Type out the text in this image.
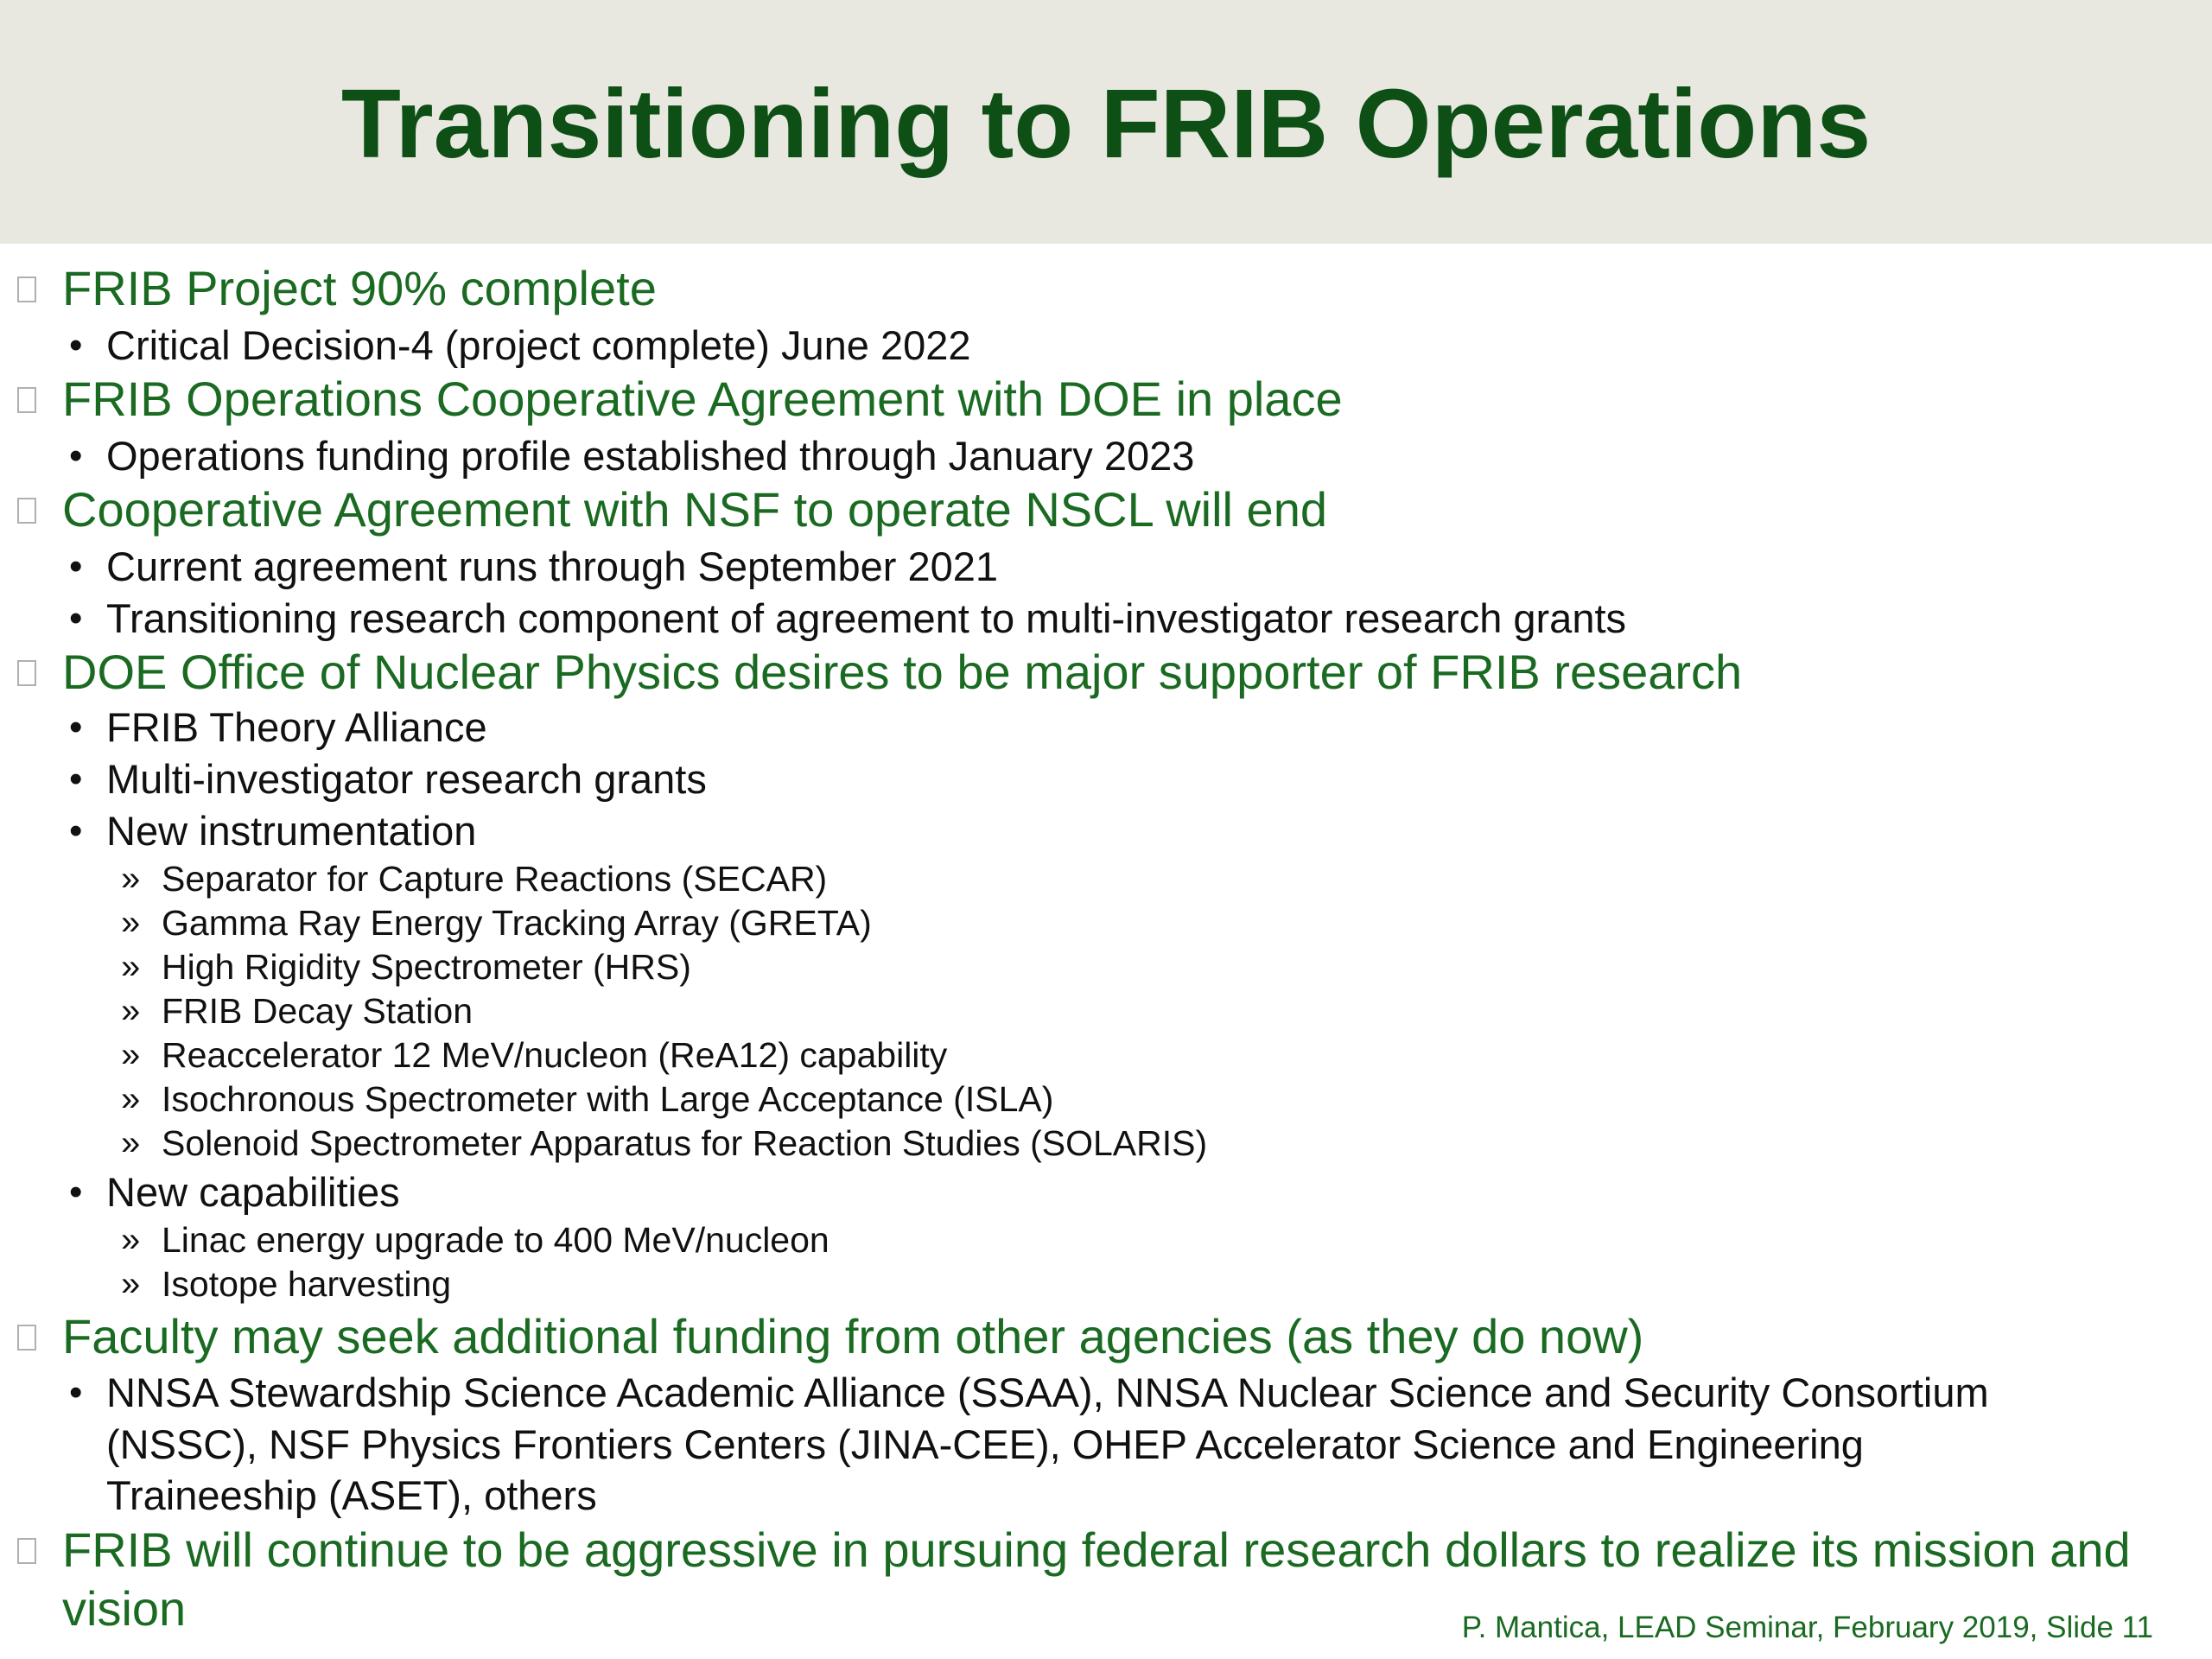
Transitioning to FRIB Operations
FRIB Project 90% complete
• Critical Decision-4 (project complete) June 2022
FRIB Operations Cooperative Agreement with DOE in place
• Operations funding profile established through January 2023
Cooperative Agreement with NSF to operate NSCL will end
• Current agreement runs through September 2021
• Transitioning research component of agreement to multi-investigator research grants
DOE Office of Nuclear Physics desires to be major supporter of FRIB research
• FRIB Theory Alliance
• Multi-investigator research grants
• New instrumentation
» Separator for Capture Reactions (SECAR)
» Gamma Ray Energy Tracking Array (GRETA)
» High Rigidity Spectrometer (HRS)
» FRIB Decay Station
» Reaccelerator 12 MeV/nucleon (ReA12) capability
» Isochronous Spectrometer with Large Acceptance (ISLA)
» Solenoid Spectrometer Apparatus for Reaction Studies (SOLARIS)
• New capabilities
» Linac energy upgrade to 400 MeV/nucleon
» Isotope harvesting
Faculty may seek additional funding from other agencies (as they do now)
• NNSA Stewardship Science Academic Alliance (SSAA), NNSA Nuclear Science and Security Consortium
(NSSC), NSF Physics Frontiers Centers (JINA-CEE), OHEP Accelerator Science and Engineering
Traineeship (ASET), others
FRIB will continue to be aggressive in pursuing federal research dollars to realize its mission and
vision	P. Mantica, LEAD Seminar, February 2019, Slide 11
